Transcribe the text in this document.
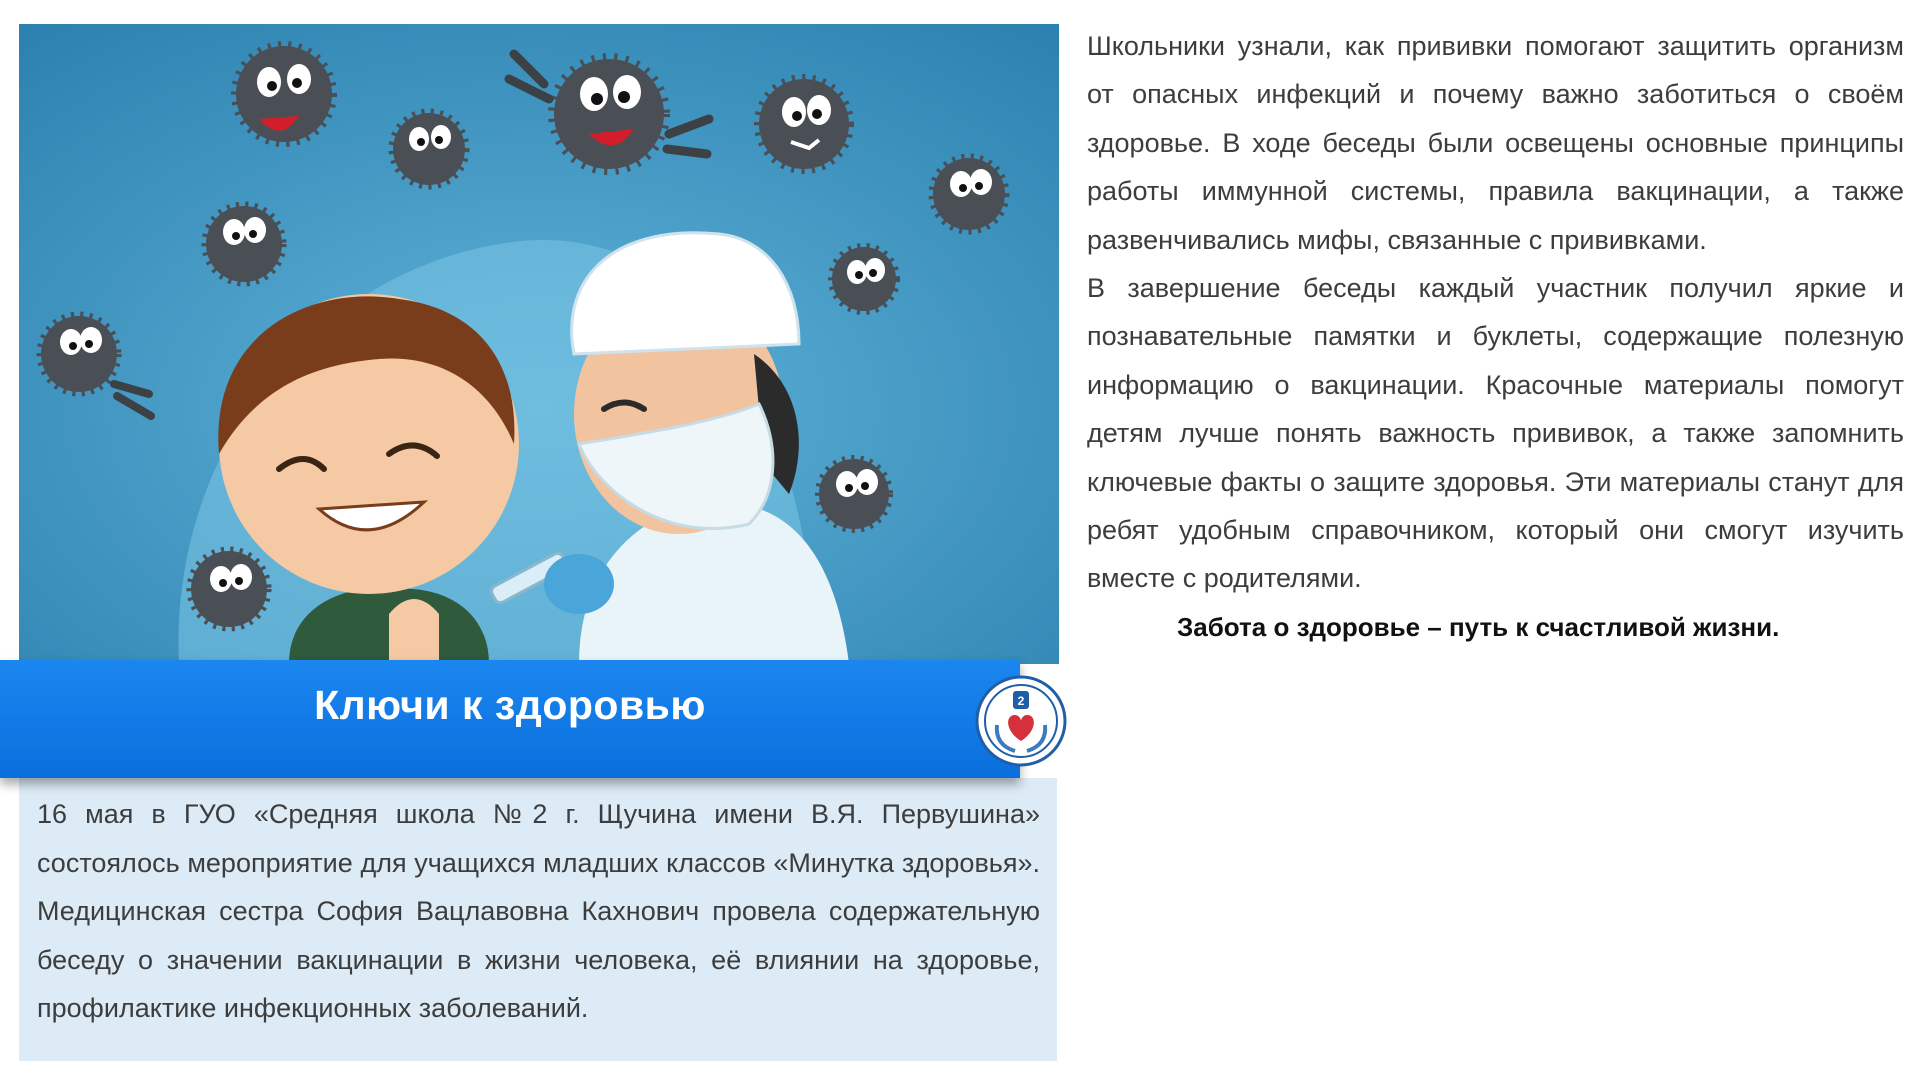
Ключи к здоровью	2
16 мая в ГУО «Средняя школа №2 г. Щучина имени В.Я. Первушина» состоялось мероприятие для учащихся младших классов «Минутка здоровья». Медицинская сестра София Вацлавовна Кахнович провела содержательную беседу о значении вакцинации в жизни человека, её влиянии на здоровье, профилактике инфекционных заболеваний.

Школьники узнали, как прививки помогают защитить организм от опасных инфекций и почему важно заботиться о своём здоровье. В ходе беседы были освещены основные принципы работы иммунной системы, правила вакцинации, а также развенчивались мифы, связанные с прививками.

В завершение беседы каждый участник получил яркие и познавательные памятки и буклеты, содержащие полезную информацию о вакцинации. Красочные материалы помогут детям лучше понять важность прививок, а также запомнить ключевые факты о защите здоровья. Эти материалы станут для ребят удобным справочником, который они смогут изучить вместе с родителями.

Забота о здоровье – путь к счастливой жизни.
